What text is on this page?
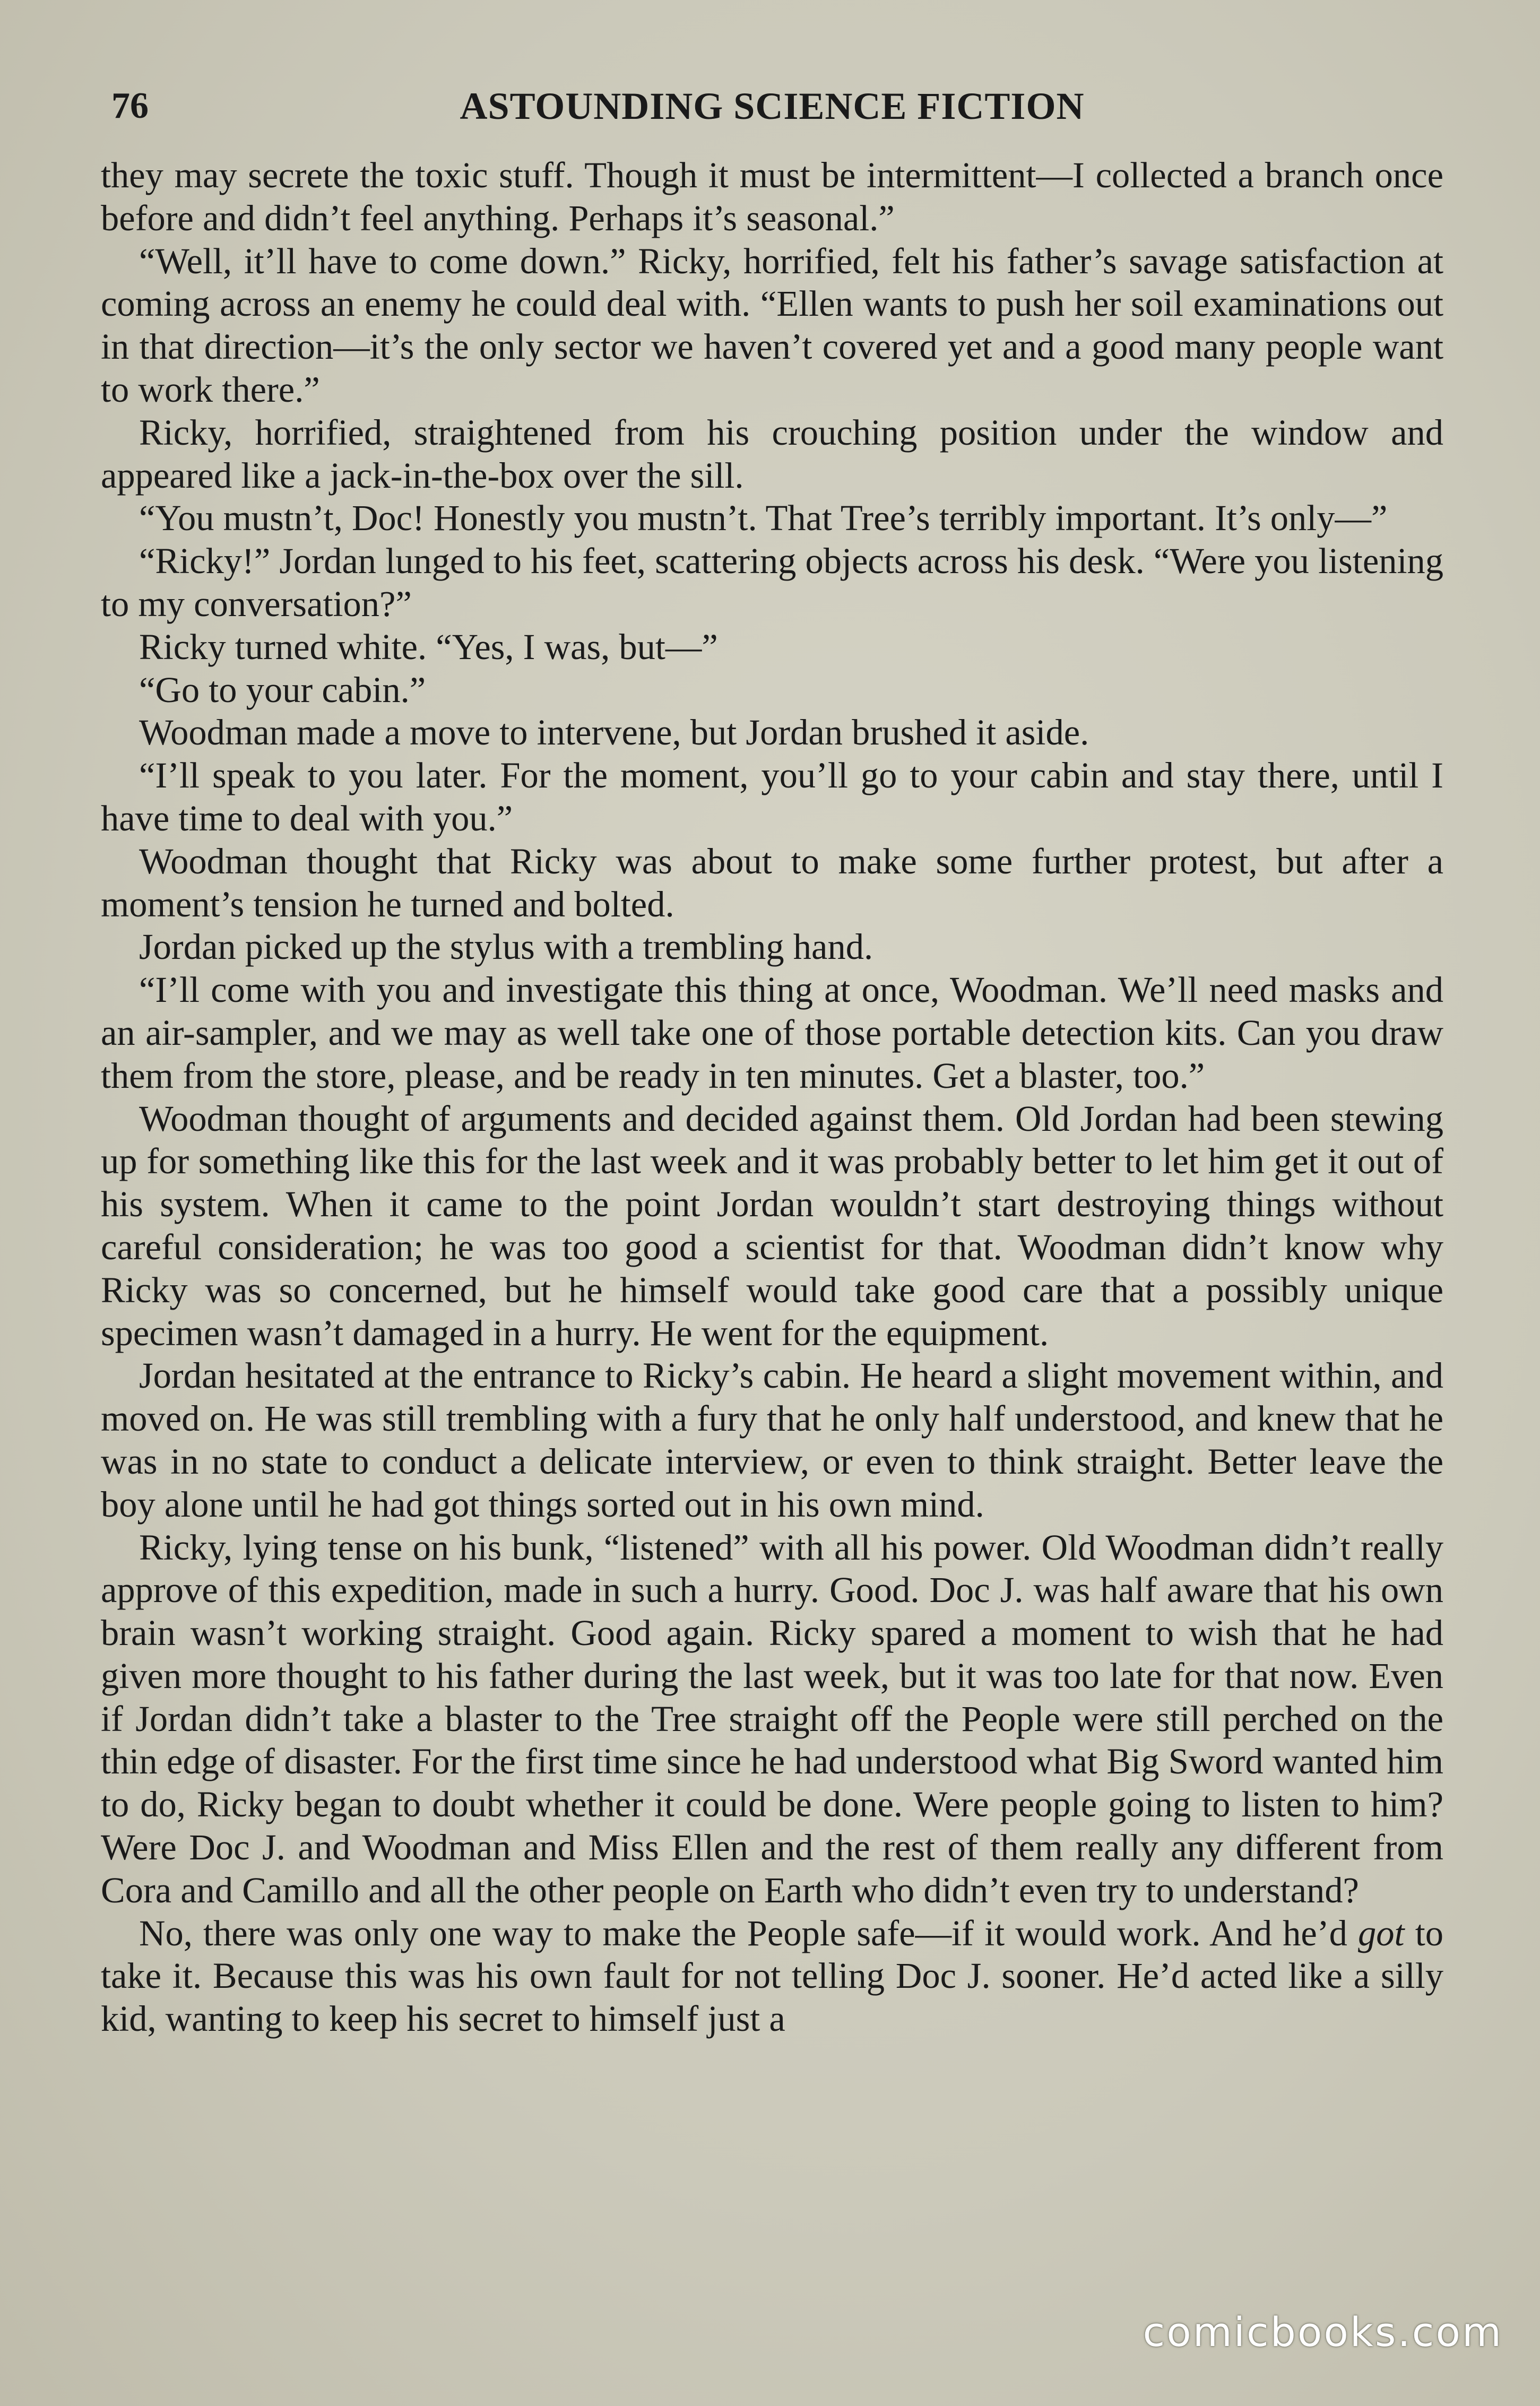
76	ASTOUNDING SCIENCE FICTION

they may secrete the toxic stuff. Though it must be intermittent—I collected a branch once before and didn’t feel anything. Perhaps it’s seasonal.”

“Well, it’ll have to come down.” Ricky, horrified, felt his father’s savage satisfaction at coming across an enemy he could deal with. “Ellen wants to push her soil examinations out in that direction—it’s the only sector we haven’t covered yet and a good many people want to work there.”

Ricky, horrified, straightened from his crouching position under the window and appeared like a jack-in-the-box over the sill.

“You mustn’t, Doc! Honestly you mustn’t. That Tree’s terribly important. It’s only—”

“Ricky!” Jordan lunged to his feet, scattering objects across his desk. “Were you listening to my conversation?”

Ricky turned white. “Yes, I was, but—”

“Go to your cabin.”

Woodman made a move to intervene, but Jordan brushed it aside.

“I’ll speak to you later. For the moment, you’ll go to your cabin and stay there, until I have time to deal with you.”

Woodman thought that Ricky was about to make some further protest, but after a moment’s tension he turned and bolted.

Jordan picked up the stylus with a trembling hand.

“I’ll come with you and investigate this thing at once, Woodman. We’ll need masks and an air-sampler, and we may as well take one of those portable detection kits. Can you draw them from the store, please, and be ready in ten minutes. Get a blaster, too.”

Woodman thought of arguments and decided against them. Old Jordan had been stewing up for something like this for the last week and it was probably better to let him get it out of his system. When it came to the point Jordan wouldn’t start destroying things without careful consideration; he was too good a scientist for that. Woodman didn’t know why Ricky was so concerned, but he himself would take good care that a possibly unique specimen wasn’t damaged in a hurry. He went for the equipment.

Jordan hesitated at the entrance to Ricky’s cabin. He heard a slight movement within, and moved on. He was still trembling with a fury that he only half understood, and knew that he was in no state to conduct a delicate interview, or even to think straight. Better leave the boy alone until he had got things sorted out in his own mind.

Ricky, lying tense on his bunk, “listened” with all his power. Old Woodman didn’t really approve of this expedition, made in such a hurry. Good. Doc J. was half aware that his own brain wasn’t working straight. Good again. Ricky spared a moment to wish that he had given more thought to his father during the last week, but it was too late for that now. Even if Jordan didn’t take a blaster to the Tree straight off the People were still perched on the thin edge of disaster. For the first time since he had understood what Big Sword wanted him to do, Ricky began to doubt whether it could be done. Were people going to listen to him? Were Doc J. and Woodman and Miss Ellen and the rest of them really any different from Cora and Camillo and all the other people on Earth who didn’t even try to understand?

No, there was only one way to make the People safe—if it would work. And he’d got to take it. Because this was his own fault for not telling Doc J. sooner. He’d acted like a silly kid, wanting to keep his secret to himself just a

comicbooks.com
